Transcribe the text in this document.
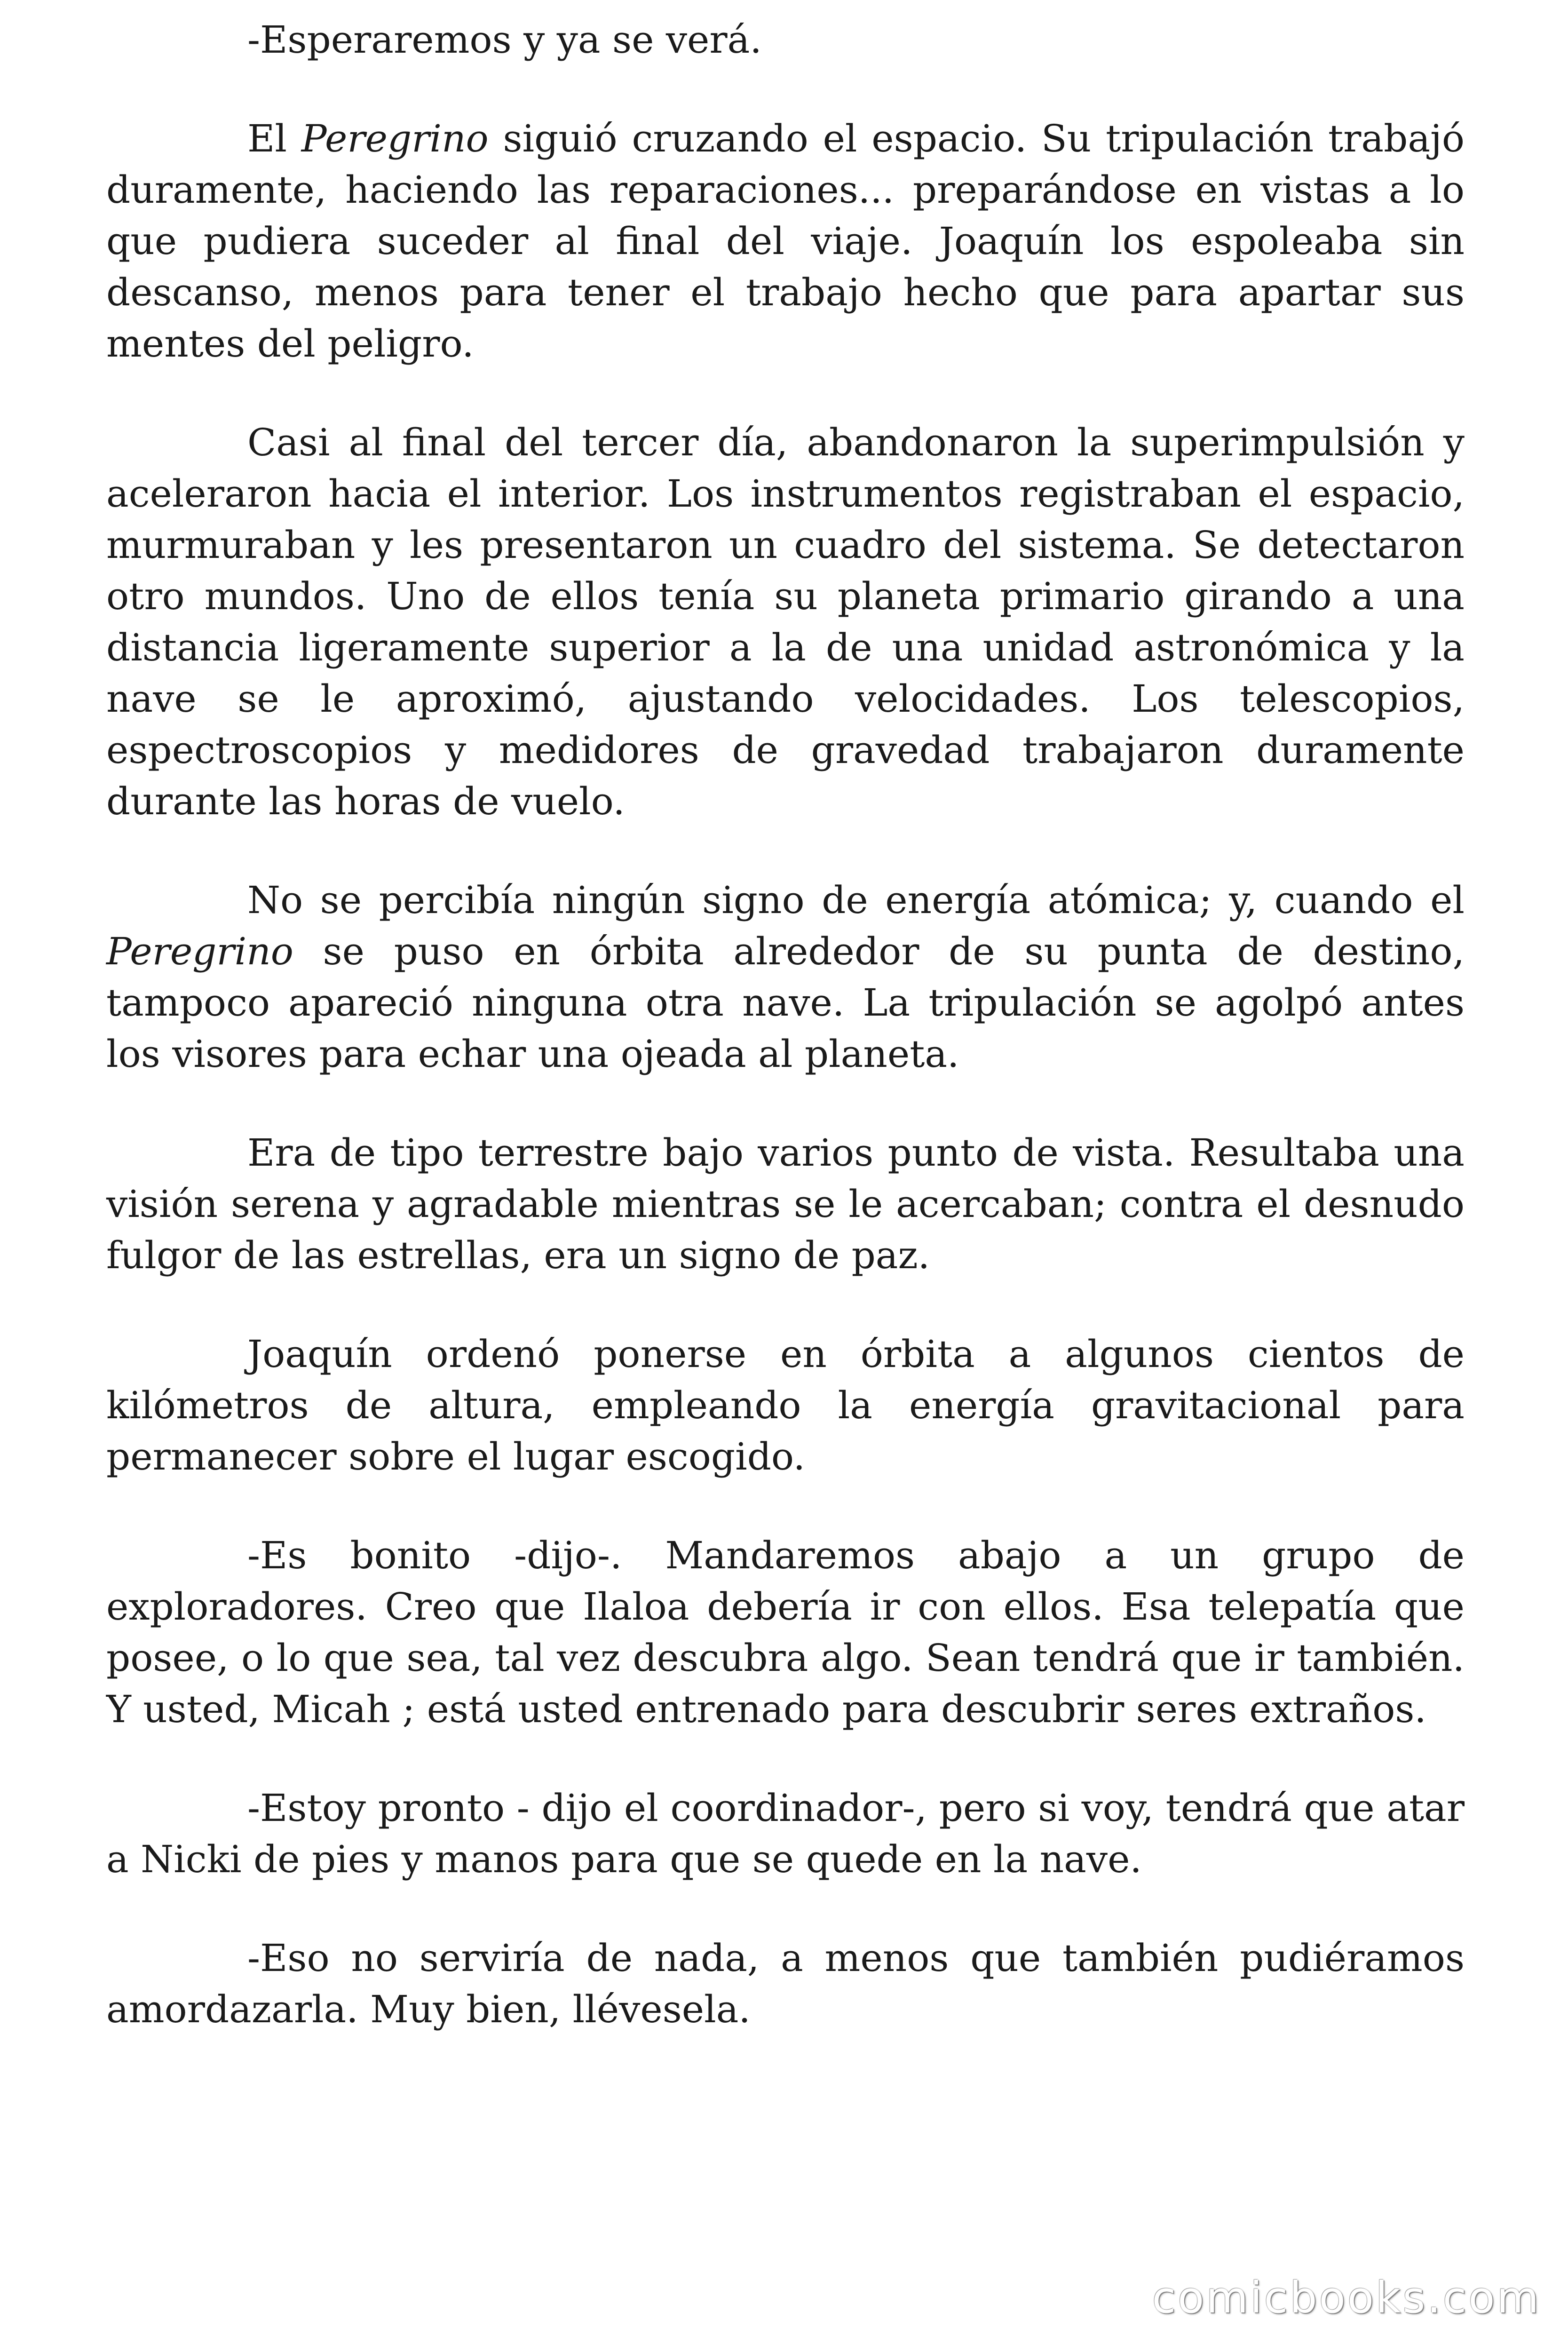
-Esperaremos y ya se verá.

El Peregrino siguió cruzando el espacio. Su tripulación trabajó duramente, haciendo las reparaciones... preparándose en vistas a lo que pudiera suceder al final del viaje. Joaquín los espoleaba sin descanso, menos para tener el trabajo hecho que para apartar sus mentes del peligro.

Casi al final del tercer día, abandonaron la superimpulsión y aceleraron hacia el interior. Los instrumentos registraban el espacio, murmuraban y les presentaron un cuadro del sistema. Se detectaron otro mundos. Uno de ellos tenía su planeta primario girando a una distancia ligeramente superior a la de una unidad astronómica y la nave se le aproximó, ajustando velocidades. Los telescopios, espectroscopios y medidores de gravedad trabajaron duramente durante las horas de vuelo.

No se percibía ningún signo de energía atómica; y, cuando el Peregrino se puso en órbita alrededor de su punta de destino, tampoco apareció ninguna otra nave. La tripulación se agolpó antes los visores para echar una ojeada al planeta.

Era de tipo terrestre bajo varios punto de vista. Resultaba una visión serena y agradable mientras se le acercaban; contra el desnudo fulgor de las estrellas, era un signo de paz.

Joaquín ordenó ponerse en órbita a algunos cientos de kilómetros de altura, empleando la energía gravitacional para permanecer sobre el lugar escogido.

-Es bonito -dijo-. Mandaremos abajo a un grupo de exploradores. Creo que Ilaloa debería ir con ellos. Esa telepatía que posee, o lo que sea, tal vez descubra algo. Sean tendrá que ir también. Y usted, Micah ; está usted entrenado para descubrir seres extraños.

-Estoy pronto - dijo el coordinador-, pero si voy, tendrá que atar a Nicki de pies y manos para que se quede en la nave.

-Eso no serviría de nada, a menos que también pudiéramos amordazarla. Muy bien, llévesela.

comicbooks.com
